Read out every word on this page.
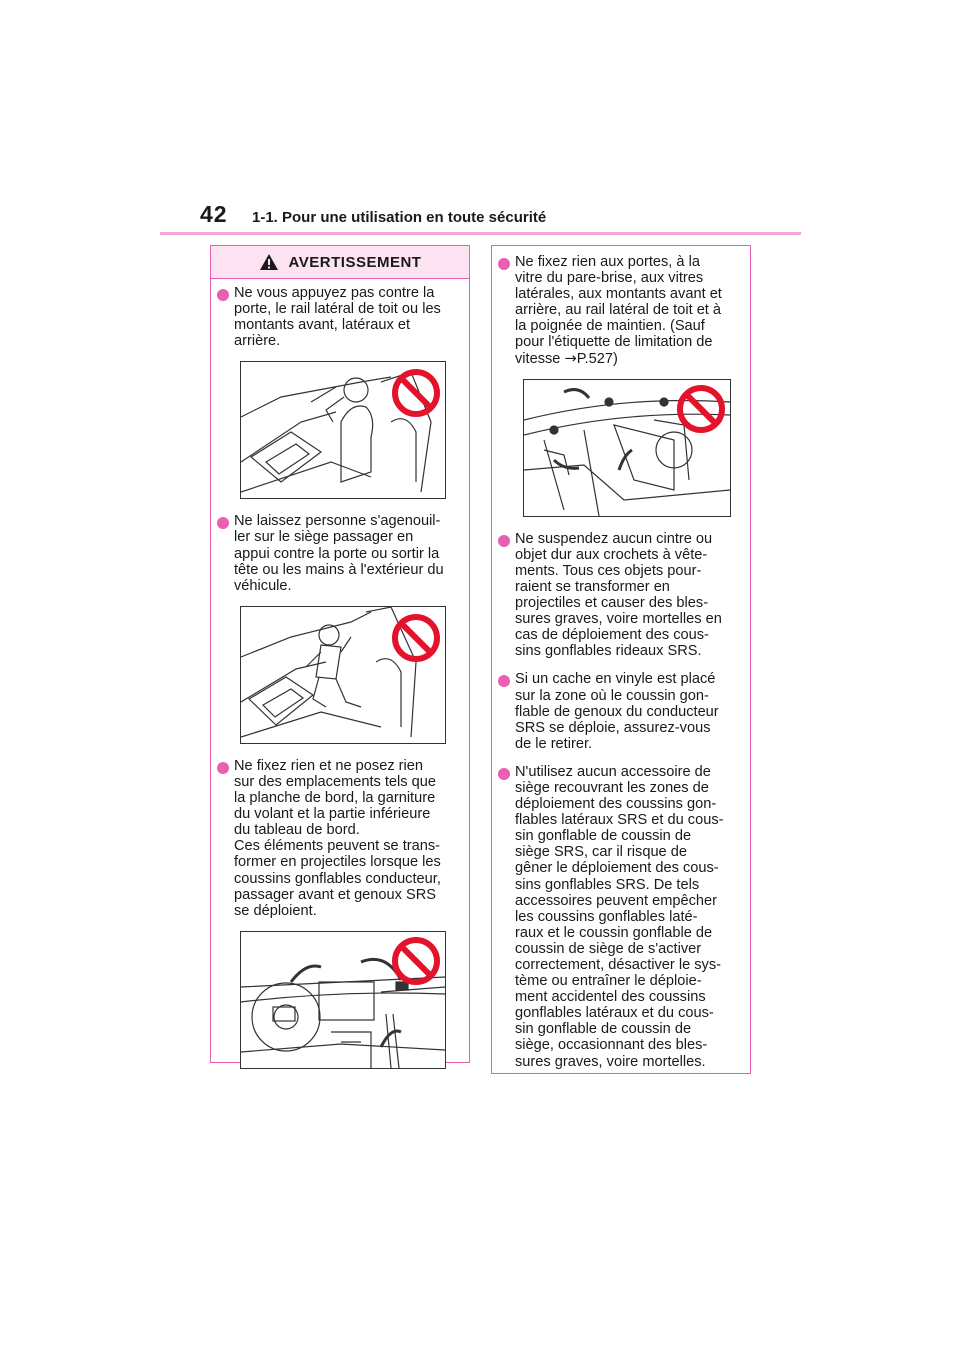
42 1-1. Pour une utilisation en toute sécurité
AVERTISSEMENT
Ne vous appuyez pas contre la
porte, le rail latéral de toit ou les
montants avant, latéraux et
arrière.
Ne laissez personne s'agenouil-
ler sur le siège passager en
appui contre la porte ou sortir la
tête ou les mains à l'extérieur du
véhicule.
Ne fixez rien et ne posez rien
sur des emplacements tels que
la planche de bord, la garniture
du volant et la partie inférieure
du tableau de bord.
Ces éléments peuvent se trans-
former en projectiles lorsque les
coussins gonflables conducteur,
passager avant et genoux SRS
se déploient.
Ne fixez rien aux portes, à la
vitre du pare-brise, aux vitres
latérales, aux montants avant et
arrière, au rail latéral de toit et à
la poignée de maintien. (Sauf
pour l'étiquette de limitation de
vitesse →P.527)
Ne suspendez aucun cintre ou
objet dur aux crochets à vête-
ments. Tous ces objets pour-
raient se transformer en
projectiles et causer des bles-
sures graves, voire mortelles en
cas de déploiement des cous-
sins gonflables rideaux SRS.
Si un cache en vinyle est placé
sur la zone où le coussin gon-
flable de genoux du conducteur
SRS se déploie, assurez-vous
de le retirer.
N'utilisez aucun accessoire de
siège recouvrant les zones de
déploiement des coussins gon-
flables latéraux SRS et du cous-
sin gonflable de coussin de
siège SRS, car il risque de
gêner le déploiement des cous-
sins gonflables SRS. De tels
accessoires peuvent empêcher
les coussins gonflables laté-
raux et le coussin gonflable de
coussin de siège de s'activer
correctement, désactiver le sys-
tème ou entraîner le déploie-
ment accidentel des coussins
gonflables latéraux et du cous-
sin gonflable de coussin de
siège, occasionnant des bles-
sures graves, voire mortelles.
